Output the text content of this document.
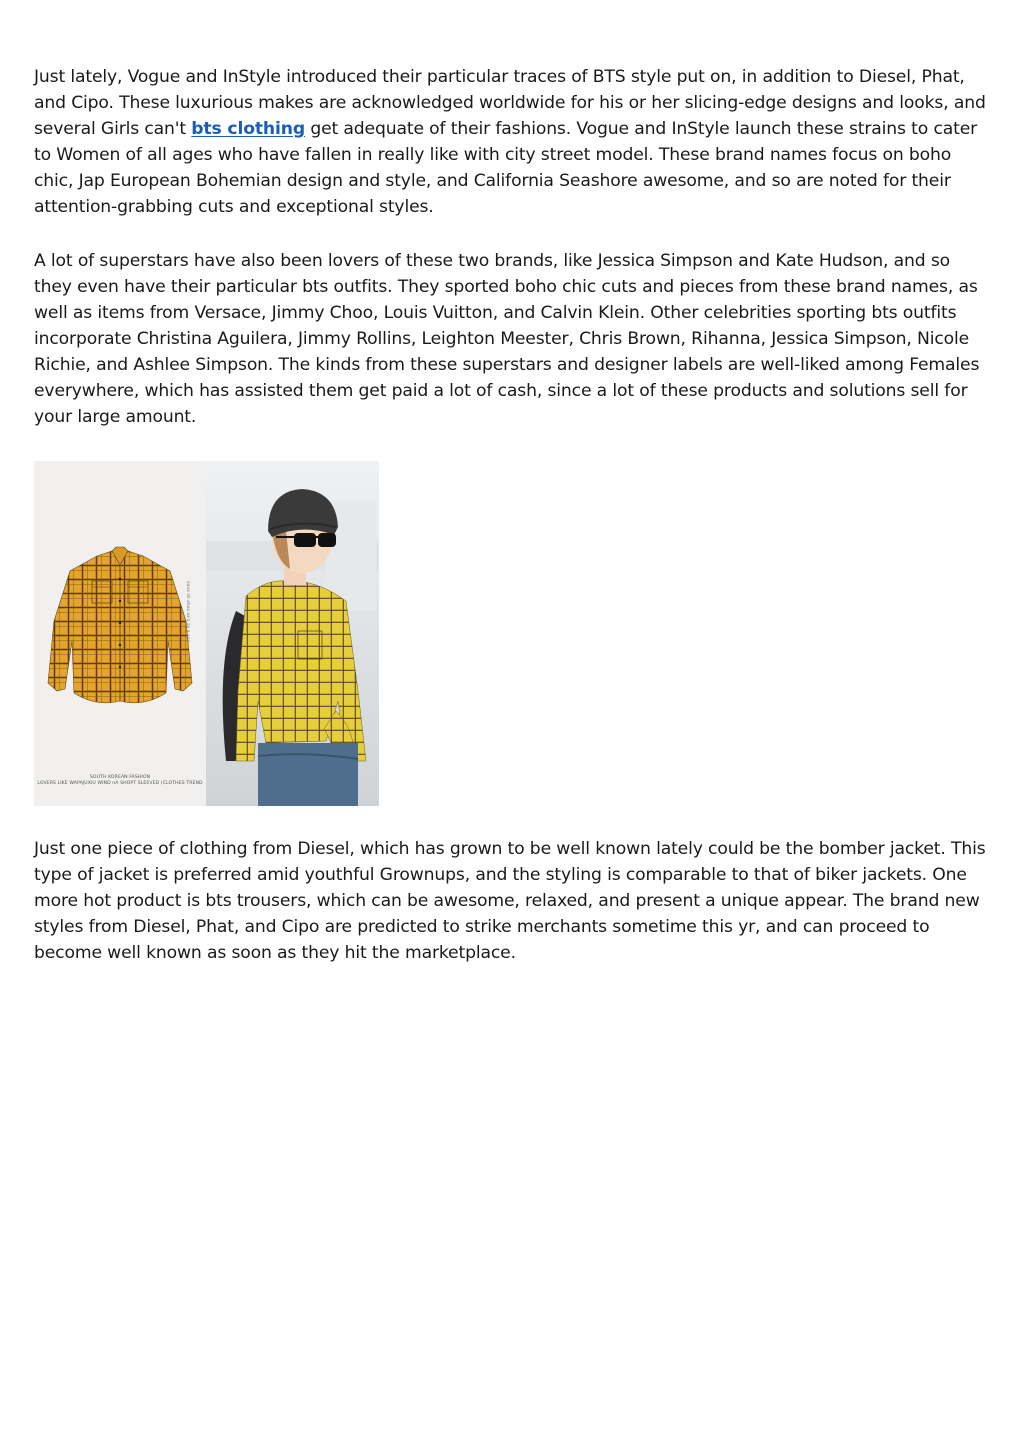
Just lately, Vogue and InStyle introduced their particular traces of BTS style put on, in addition to Diesel, Phat, and Cipo. These luxurious makes are acknowledged worldwide for his or her slicing-edge designs and looks, and several Girls can't bts clothing get adequate of their fashions. Vogue and InStyle launch these strains to cater to Women of all ages who have fallen in really like with city street model. These brand names focus on boho chic, Jap European Bohemian design and style, and California Seashore awesome, and so are noted for their attention-grabbing cuts and exceptional styles.

A lot of superstars have also been lovers of these two brands, like Jessica Simpson and Kate Hudson, and so they even have their particular bts outfits. They sported boho chic cuts and pieces from these brand names, as well as items from Versace, Jimmy Choo, Louis Vuitton, and Calvin Klein. Other celebrities sporting bts outfits incorporate Christina Aguilera, Jimmy Rollins, Leighton Meester, Chris Brown, Rihanna, Jessica Simpson, Nicole Richie, and Ashlee Simpson. The kinds from these superstars and designer labels are well-liked among Females everywhere, which has assisted them get paid a lot of cash, since a lot of these products and solutions sell for your large amount.

SOUTH KOREAN FASHION
LOVERS LIKE WAPAJUXIU WIND nA SHOPT SLEEVED (CLOTHES TREND
aaaa ah ahaa aa'a aa a aaa

Just one piece of clothing from Diesel, which has grown to be well known lately could be the bomber jacket. This type of jacket is preferred amid youthful Grownups, and the styling is comparable to that of biker jackets. One more hot product is bts trousers, which can be awesome, relaxed, and present a unique appear. The brand new styles from Diesel, Phat, and Cipo are predicted to strike merchants sometime this yr, and can proceed to become well known as soon as they hit the marketplace.
